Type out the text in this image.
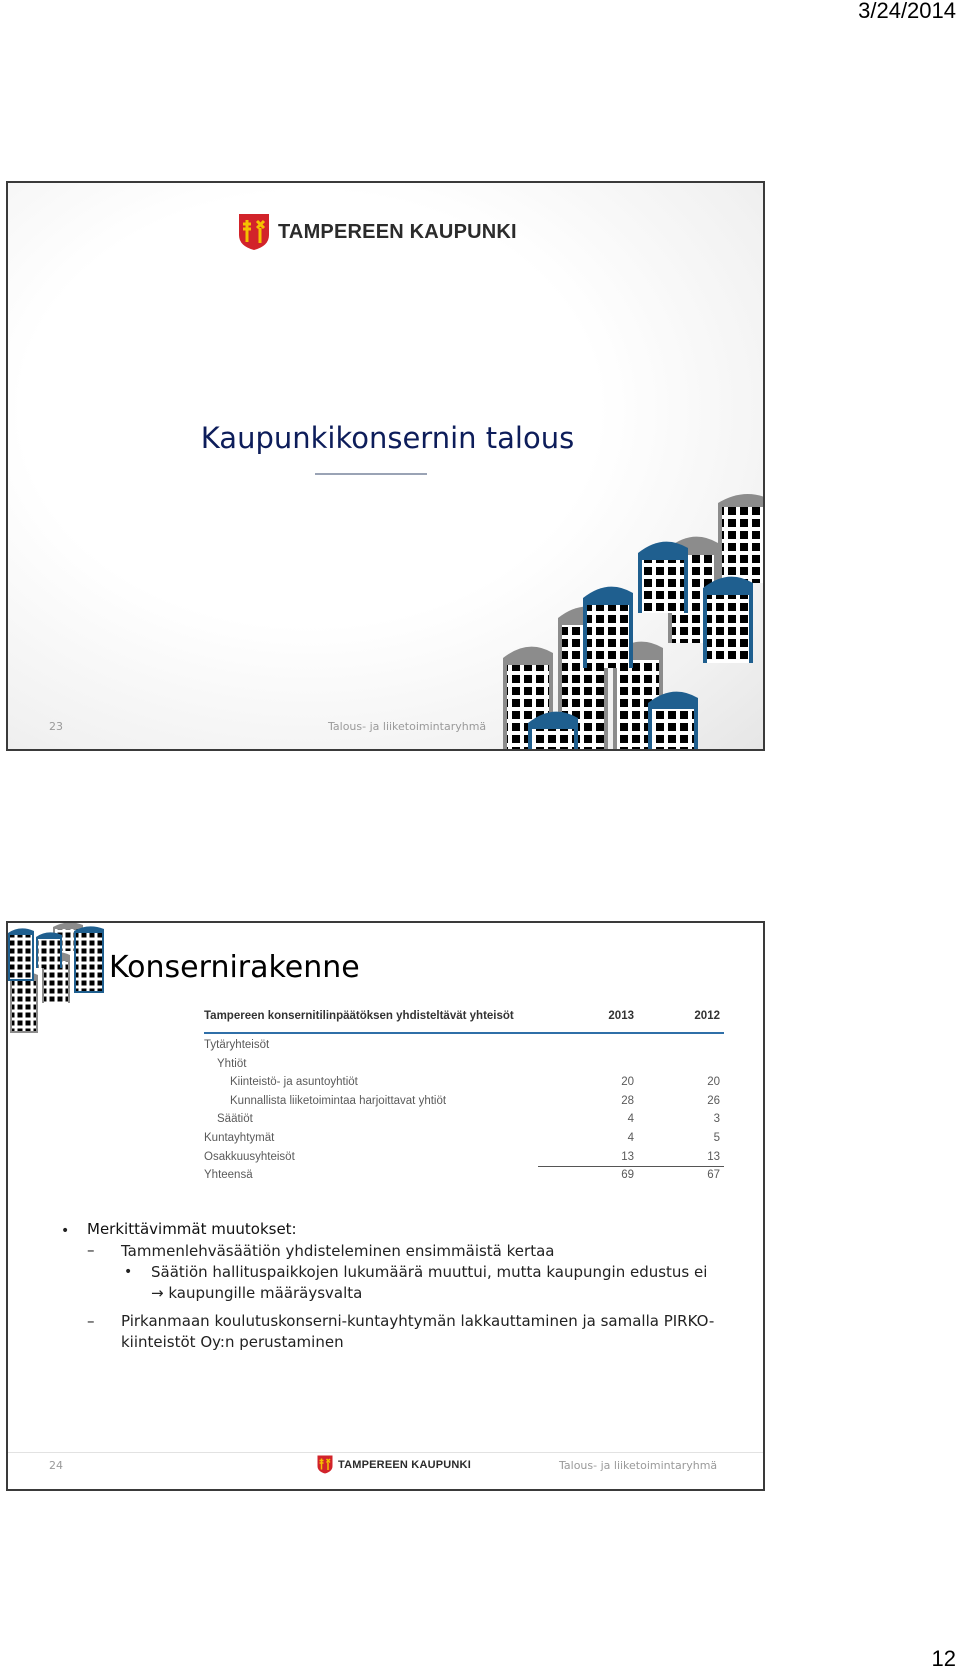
3/24/2014
TAMPEREEN KAUPUNKI
Kaupunkikonsernin talous
23	Talous- ja liiketoimintaryhmä
Konsernirakenne
Tampereen konsernitilinpäätöksen yhdisteltävät yhteisöt	2013	2012
Tytäryhteisöt
Yhtiöt
Kiinteistö- ja asuntoyhtiöt	20	20
Kunnallista liiketoimintaa harjoittavat yhtiöt	28	26
Säätiöt	4	3
Kuntayhtymät	4	5
Osakkuusyhteisöt	13	13
Yhteensä	69	67
• Merkittävimmät muutokset:
– Tammenlehväsäätiön yhdisteleminen ensimmäistä kertaa
• Säätiön hallituspaikkojen lukumäärä muuttui, mutta kaupungin edustus ei → kaupungille määräysvalta
– Pirkanmaan koulutuskonserni-kuntayhtymän lakkauttaminen ja samalla PIRKO-kiinteistöt Oy:n perustaminen
24	TAMPEREEN KAUPUNKI	Talous- ja liiketoimintaryhmä
12
